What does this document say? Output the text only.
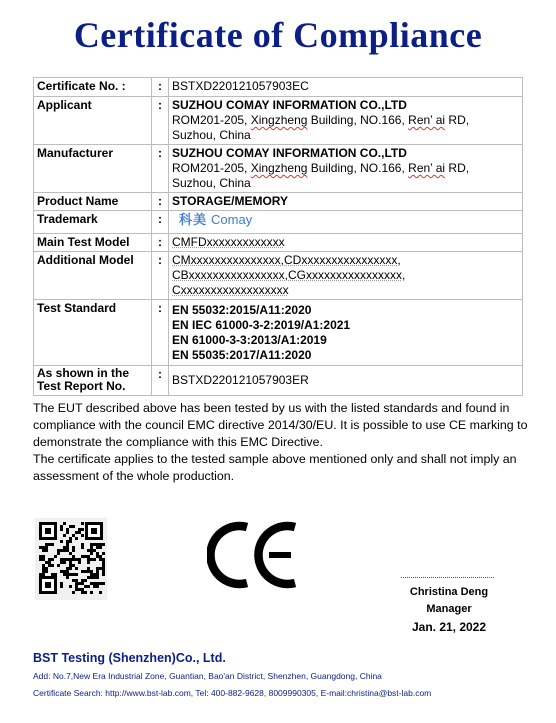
Certificate of Compliance
Certificate No. :	:	BSTXD220121057903EC
Applicant	:	SUZHOU COMAY INFORMATION CO.,LTD
ROM201-205, Xingzheng Building, NO.166, Ren’ ai RD,
Suzhou, China

Manufacturer	:	SUZHOU COMAY INFORMATION CO.,LTD
ROM201-205, Xingzheng Building, NO.166, Ren’ ai RD,
Suzhou, China

Product Name	:	STORAGE/MEMORY
Trademark	:	科美 Comay
Main Test Model	:	CMFDxxxxxxxxxxxxx
Additional Model	:	CMxxxxxxxxxxxxxxx,CDxxxxxxxxxxxxxxxx,
CBxxxxxxxxxxxxxxxx,CGxxxxxxxxxxxxxxxx,
Cxxxxxxxxxxxxxxxxxx

Test Standard	:	EN 55032:2015/A11:2020
EN IEC 61000-3-2:2019/A1:2021
EN 61000-3-3:2013/A1:2019
EN 55035:2017/A11:2020

As shown in the
Test Report No.	:	BSTXD220121057903ER
The EUT described above has been tested by us with the listed standards and found in compliance with the council EMC directive 2014/30/EU. It is possible to use CE marking to demonstrate the compliance with this EMC Directive.
The certificate applies to the tested sample above mentioned only and shall not imply an assessment of the whole production.
Christina Deng
Manager
Jan. 21, 2022
BST Testing (Shenzhen)Co., Ltd.
Add: No.7,New Era Industrial Zone, Guantian, Bao'an District, Shenzhen, Guangdong, China
Certificate Search: http://www.bst-lab.com, Tel: 400-882-9628, 8009990305, E-mail:christina@bst-lab.com
